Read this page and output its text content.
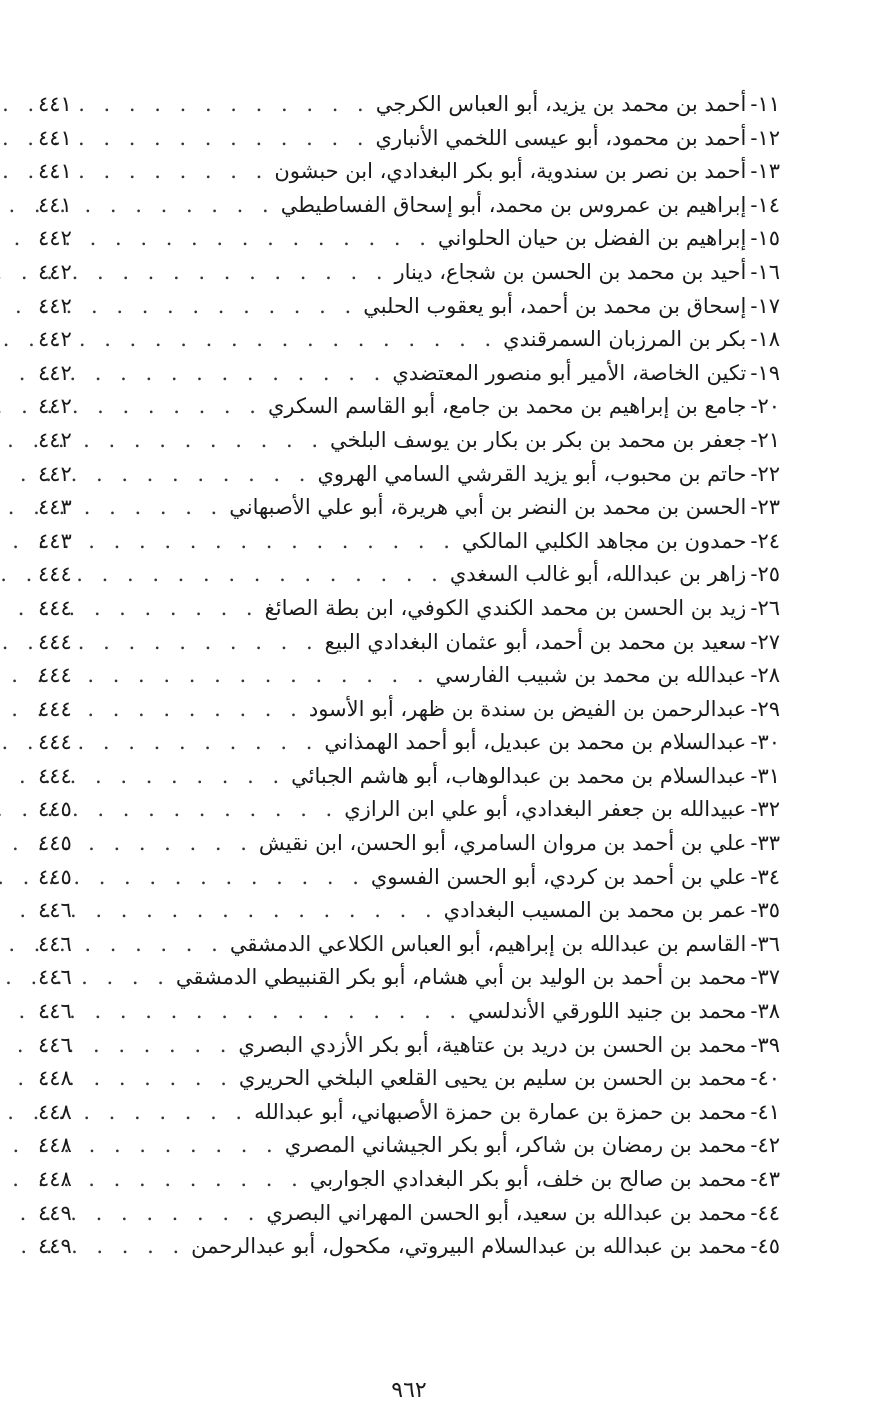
١١-أحمد بن محمد بن يزيد، أبو العباس الكرجي
. . .
٤٤١
١٢-أحمد بن محمود، أبو عيسى اللخمي الأنباري
. . .
٤٤١
١٣-أحمد بن نصر بن سندوية، أبو بكر البغدادي، ابن حبشون
. . .
٤٤١
١٤-إبراهيم بن عمروس بن محمد، أبو إسحاق الفساطيطي
. . .
٤٤١
١٥-إبراهيم بن الفضل بن حيان الحلواني
. . .
٤٤٢
١٦-أحيد بن محمد بن الحسن بن شجاع، دينار
. . .
٤٤٢
١٧-إسحاق بن محمد بن أحمد، أبو يعقوب الحلبي
. . .
٤٤٢
١٨-بكر بن المرزبان السمرقندي
. . .
٤٤٢
١٩-تكين الخاصة، الأمير أبو منصور المعتضدي
. . .
٤٤٢
٢٠-جامع بن إبراهيم بن محمد بن جامع، أبو القاسم السكري
. . .
٤٤٢
٢١-جعفر بن محمد بن بكر بن بكار بن يوسف البلخي
. . .
٤٤٢
٢٢-حاتم بن محبوب، أبو يزيد القرشي السامي الهروي
. . .
٤٤٢
٢٣-الحسن بن محمد بن النضر بن أبي هريرة، أبو علي الأصبهاني
. . .
٤٤٣
٢٤-حمدون بن مجاهد الكلبي المالكي
. . .
٤٤٣
٢٥-زاهر بن عبدالله، أبو غالب السغدي
. . .
٤٤٤
٢٦-زيد بن الحسن بن محمد الكندي الكوفي، ابن بطة الصائغ
. . .
٤٤٤
٢٧-سعيد بن محمد بن أحمد، أبو عثمان البغدادي البيع
. . .
٤٤٤
٢٨-عبدالله بن محمد بن شبيب الفارسي
. . .
٤٤٤
٢٩-عبدالرحمن بن الفيض بن سندة بن ظهر، أبو الأسود
. . .
٤٤٤
٣٠-عبدالسلام بن محمد بن عبديل، أبو أحمد الهمذاني
. . .
٤٤٤
٣١-عبدالسلام بن محمد بن عبدالوهاب، أبو هاشم الجبائي
. . .
٤٤٤
٣٢-عبيدالله بن جعفر البغدادي، أبو علي ابن الرازي
. . .
٤٤٥
٣٣-علي بن أحمد بن مروان السامري، أبو الحسن، ابن نقيش
. . .
٤٤٥
٣٤-علي بن أحمد بن كردي، أبو الحسن الفسوي
. . .
٤٤٥
٣٥-عمر بن محمد بن المسيب البغدادي
. . .
٤٤٦
٣٦-القاسم بن عبدالله بن إبراهيم، أبو العباس الكلاعي الدمشقي
. . .
٤٤٦
٣٧-محمد بن أحمد بن الوليد بن أبي هشام، أبو بكر القنبيطي الدمشقي
. . .
٤٤٦
٣٨-محمد بن جنيد اللورقي الأندلسي
. . .
٤٤٦
٣٩-محمد بن الحسن بن دريد بن عتاهية، أبو بكر الأزدي البصري
. . .
٤٤٦
٤٠-محمد بن الحسن بن سليم بن يحيى القلعي البلخي الحريري
. . .
٤٤٨
٤١-محمد بن حمزة بن عمارة بن حمزة الأصبهاني، أبو عبدالله
. . .
٤٤٨
٤٢-محمد بن رمضان بن شاكر، أبو بكر الجيشاني المصري
. . .
٤٤٨
٤٣-محمد بن صالح بن خلف، أبو بكر البغدادي الجواربي
. . .
٤٤٨
٤٤-محمد بن عبدالله بن سعيد، أبو الحسن المهراني البصري
. . .
٤٤٩
٤٥-محمد بن عبدالله بن عبدالسلام البيروتي، مكحول، أبو عبدالرحمن
. . .
٤٤٩
٩٦٢
